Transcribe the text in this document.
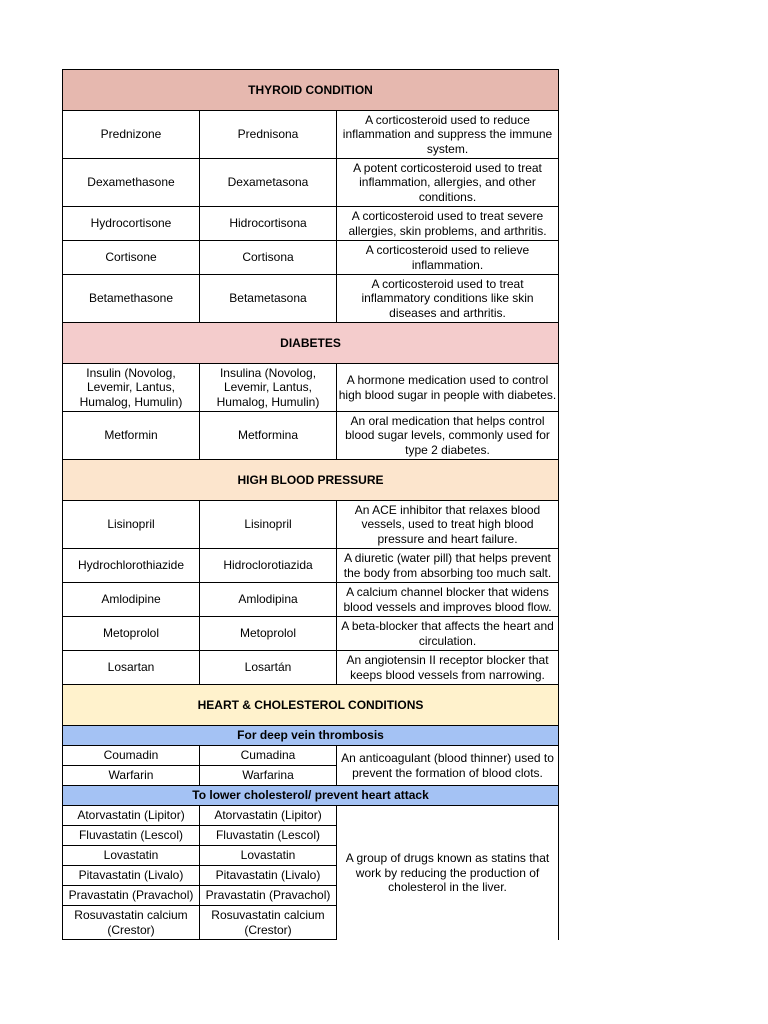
THYROID CONDITION		
Prednizone	Prednisona	A corticosteroid used to reduce inflammation and suppress the immune system.
Dexamethasone	Dexametasona	A potent corticosteroid used to treat inflammation, allergies, and other conditions.
Hydrocortisone	Hidrocortisona	A corticosteroid used to treat severe allergies, skin problems, and arthritis.
Cortisone	Cortisona	A corticosteroid used to relieve inflammation.
Betamethasone	Betametasona	A corticosteroid used to treat inflammatory conditions like skin diseases and arthritis.
DIABETES		
Insulin (Novolog, Levemir, Lantus, Humalog, Humulin)	Insulina (Novolog, Levemir, Lantus, Humalog, Humulin)	A hormone medication used to control high blood sugar in people with diabetes.
Metformin	Metformina	An oral medication that helps control blood sugar levels, commonly used for type 2 diabetes.
HIGH BLOOD PRESSURE		
Lisinopril	Lisinopril	An ACE inhibitor that relaxes blood vessels, used to treat high blood pressure and heart failure.
Hydrochlorothiazide	Hidroclorotiazida	A diuretic (water pill) that helps prevent the body from absorbing too much salt.
Amlodipine	Amlodipina	A calcium channel blocker that widens blood vessels and improves blood flow.
Metoprolol	Metoprolol	A beta-blocker that affects the heart and circulation.
Losartan	Losartán	An angiotensin II receptor blocker that keeps blood vessels from narrowing.
HEART & CHOLESTEROL CONDITIONS		
For deep vein thrombosis		
Coumadin	Cumadina	An anticoagulant (blood thinner) used to prevent the formation of blood clots.
Warfarin	Warfarina	
To lower cholesterol/ prevent heart attack		
Atorvastatin (Lipitor)	Atorvastatin (Lipitor)	A group of drugs known as statins that work by reducing the production of cholesterol in the liver.
Fluvastatin (Lescol)	Fluvastatin (Lescol)	
Lovastatin	Lovastatin	
Pitavastatin (Livalo)	Pitavastatin (Livalo)	
Pravastatin (Pravachol)	Pravastatin (Pravachol)	
Rosuvastatin calcium (Crestor)	Rosuvastatin calcium (Crestor)	
